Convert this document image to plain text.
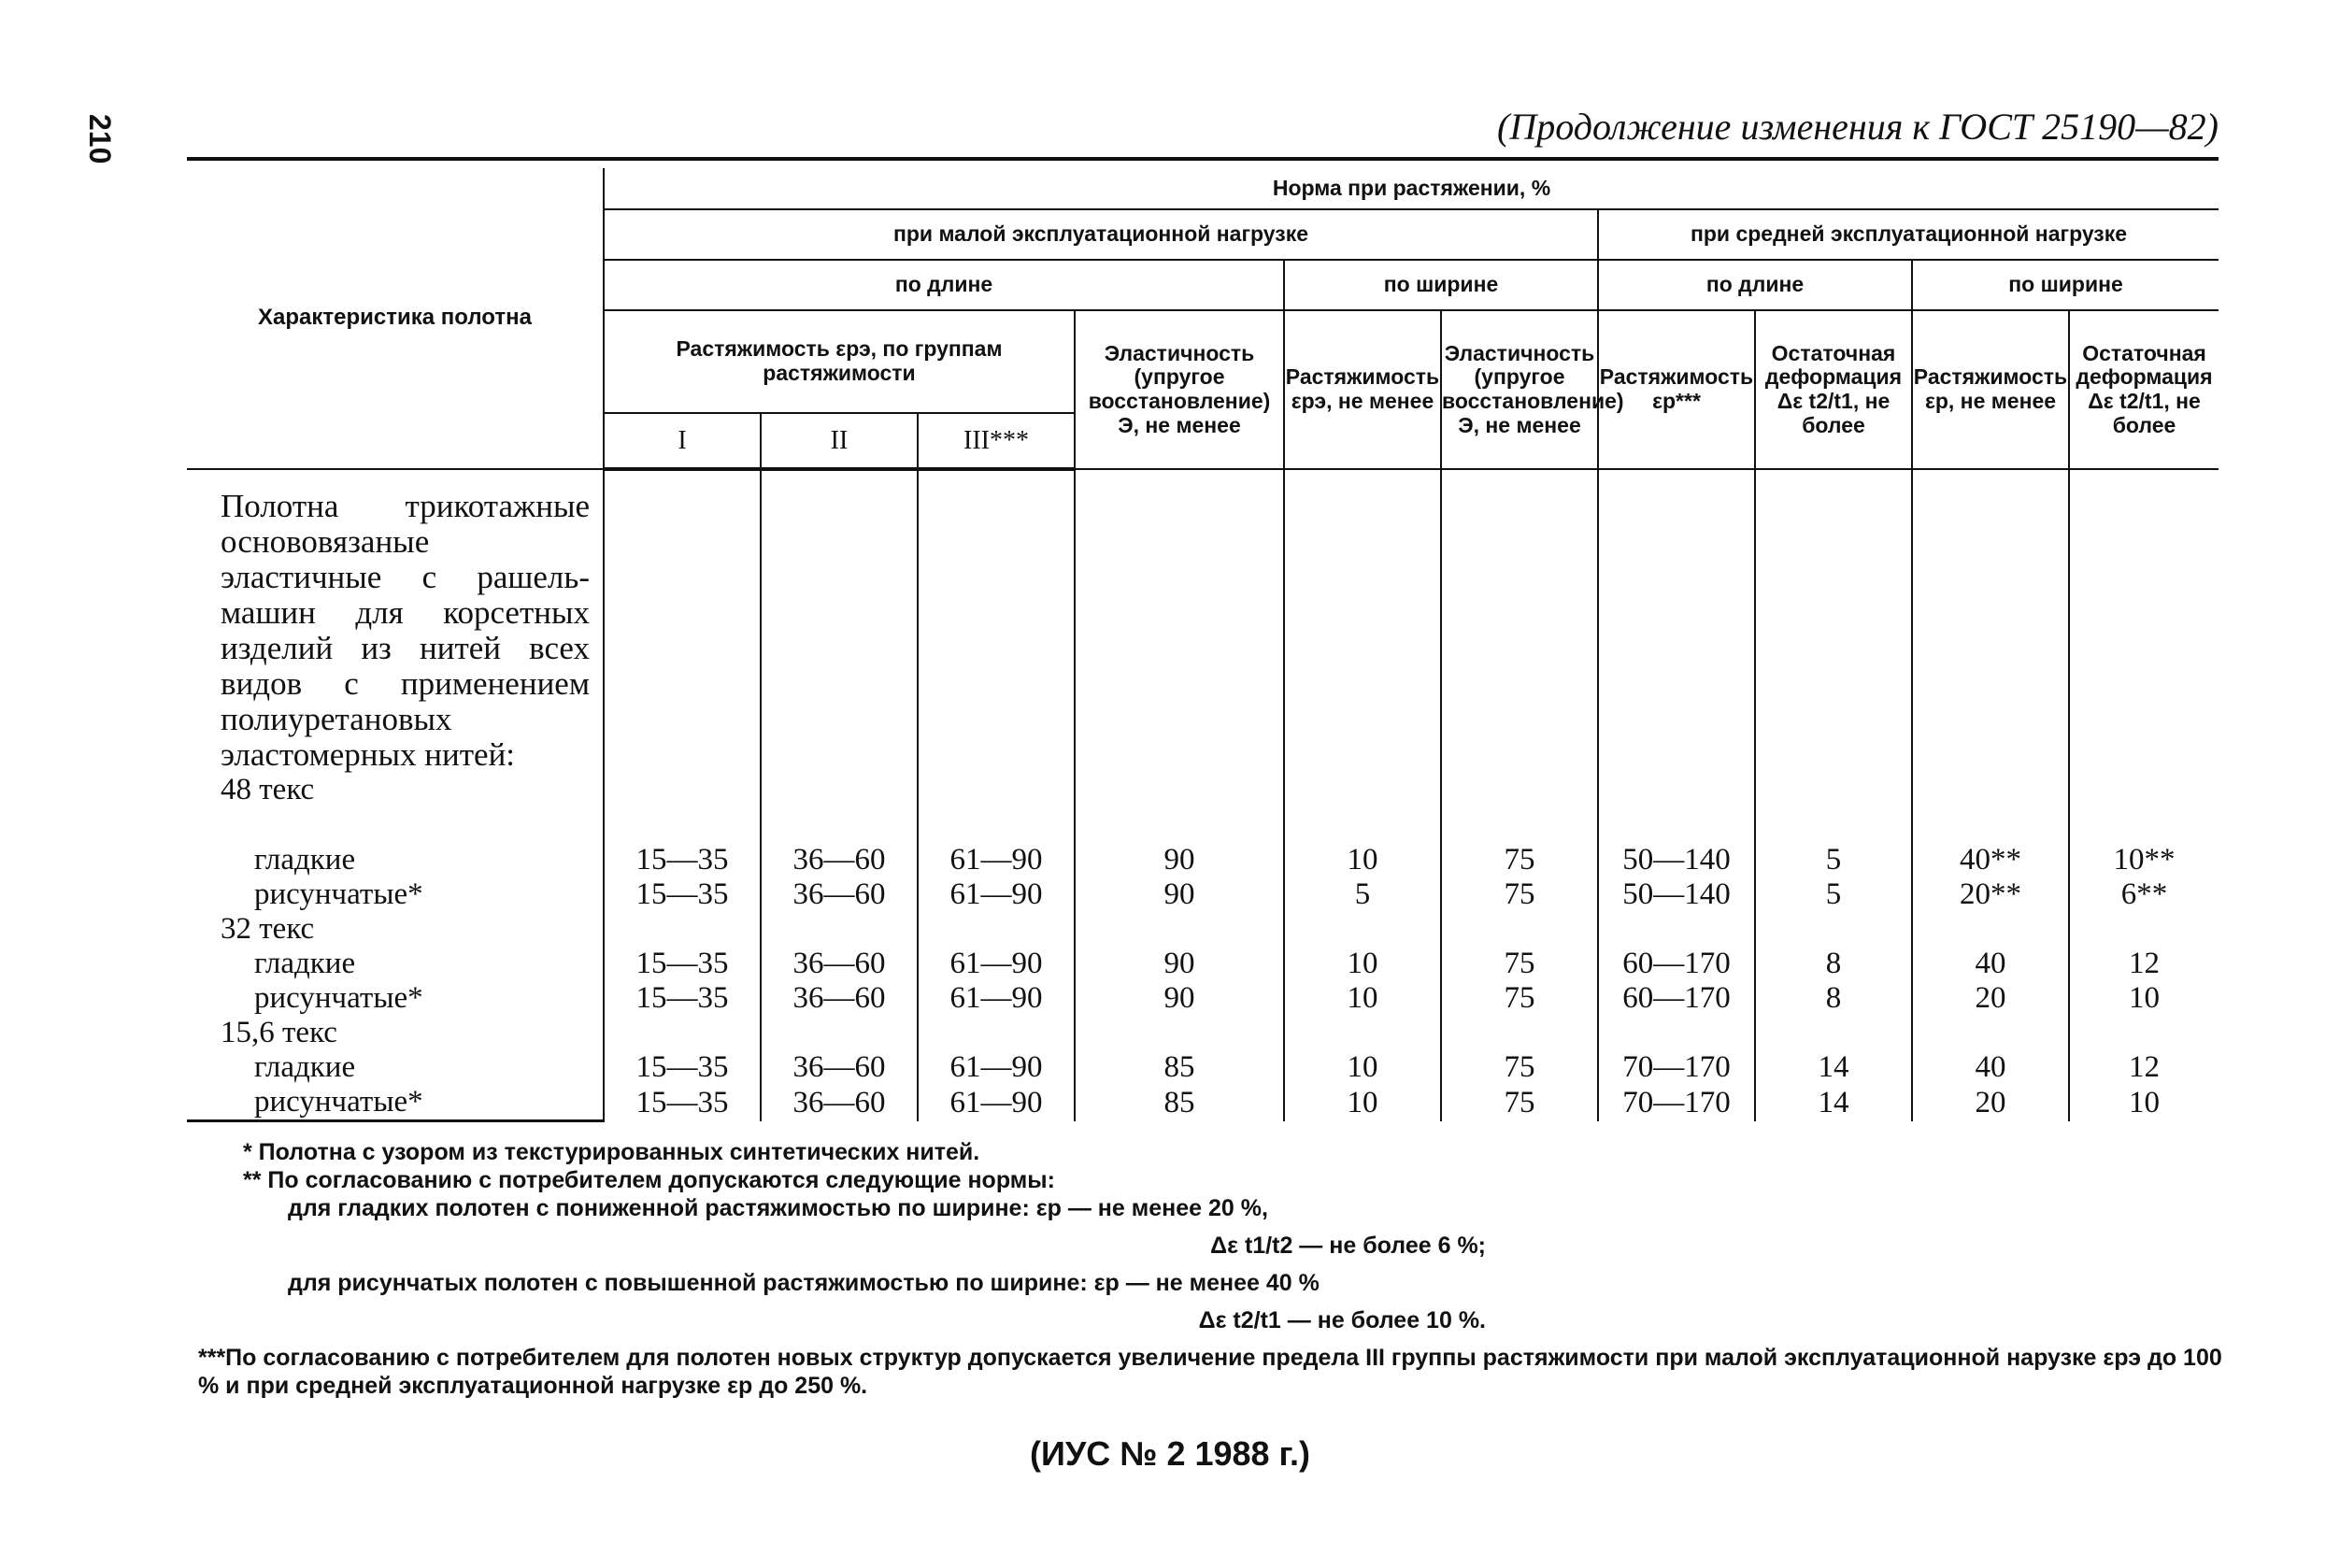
210	(Продолжение изменения к ГОСТ 25190—82)
Характеристика полотна	Норма при растяжении, %									
	при малой эксплуатационной нагрузке						при средней эксплуатационной нагрузке			
	по длине				по ширине		по длине		по ширине	
	Растяжимость εрэ, по группам растяжимости			Эластичность (упругое восстановление) Э, не менее	Растяжимость εрэ, не менее	Эластичность (упругое восстановление) Э, не менее	Растяжимость εр***	Остаточная деформация Δε t2/t1, не более	Растяжимость εр, не менее	Остаточная деформация Δε t2/t1, не более
	I	II	III***							
Полотна трикотажные основовязаные эластичные с рашель-машин для корсетных изделий из нитей всех видов с применением полиуретановых эластомерных нитей:										
48 текс										

гладкие	15—35	36—60	61—90	90	10	75	50—140	5	40**	10**
рисунчатые*	15—35	36—60	61—90	90	5	75	50—140	5	20**	6**
32 текс										
гладкие	15—35	36—60	61—90	90	10	75	60—170	8	40	12
рисунчатые*	15—35	36—60	61—90	90	10	75	60—170	8	20	10
15,6 текс										
гладкие	15—35	36—60	61—90	85	10	75	70—170	14	40	12
рисунчатые*	15—35	36—60	61—90	85	10	75	70—170	14	20	10

* Полотна с узором из текстурированных синтетических нитей.

** По согласованию с потребителем допускаются следующие нормы:

для гладких полотен с пониженной растяжимостью по ширине: εр — не менее 20 %,

Δε t1/t2 — не более 6 %;

для рисунчатых полотен с повышенной растяжимостью по ширине: εр — не менее 40 %

Δε t2/t1 — не более 10 %.

***По согласованию с потребителем для полотен новых структур допускается увеличение предела III группы растяжимости при малой эксплуатационной нарузке εрэ до 100 % и при средней эксплуатационной нагрузке εр до 250 %.

(ИУС № 2 1988 г.)
